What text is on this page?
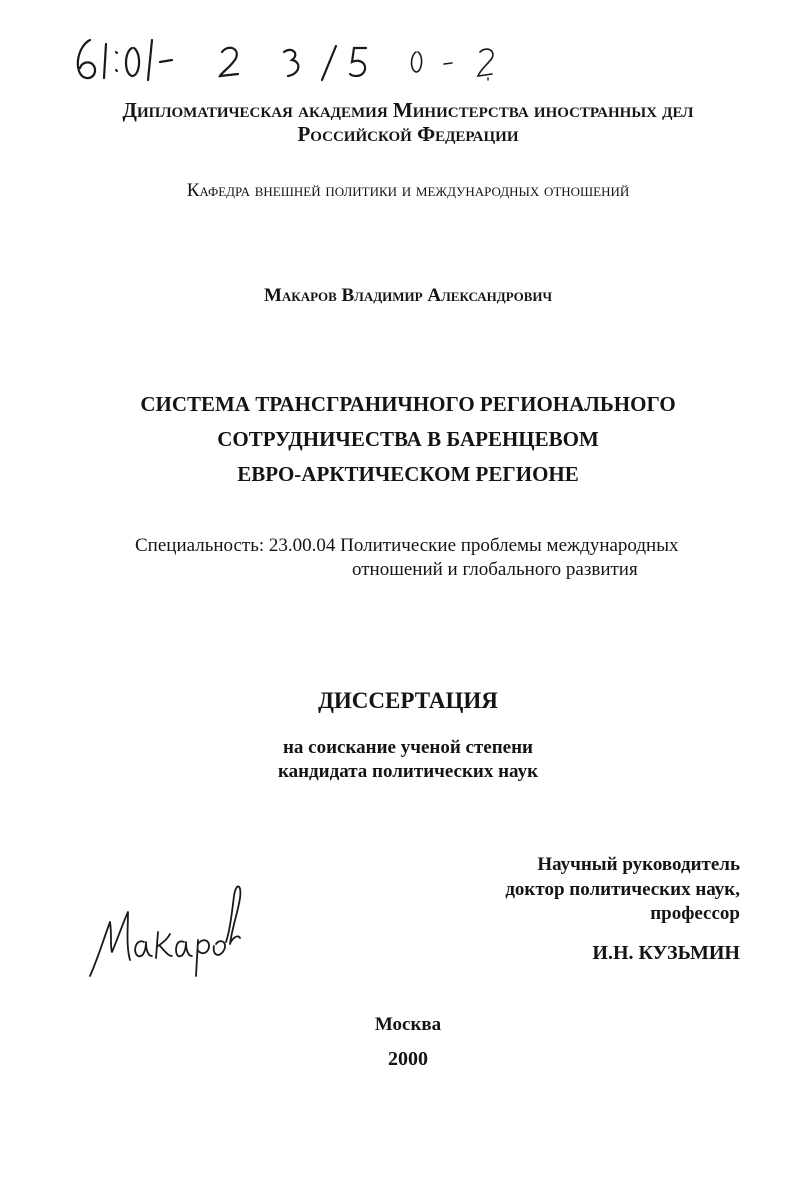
Дипломатическая академия Министерства иностранных дел
Российской Федерации
Кафедра внешней политики и международных отношений
Макаров Владимир Александрович
СИСТЕМА ТРАНСГРАНИЧНОГО РЕГИОНАЛЬНОГО
СОТРУДНИЧЕСТВА В БАРЕНЦЕВОМ
ЕВРО-АРКТИЧЕСКОМ РЕГИОНЕ
Специальность: 23.00.04 Политические проблемы международных
отношений и глобального развития
ДИССЕРТАЦИЯ
на соискание ученой степени
кандидата политических наук
Научный руководитель
доктор политических наук,
профессор
И.Н. КУЗЬМИН
Москва
2000
